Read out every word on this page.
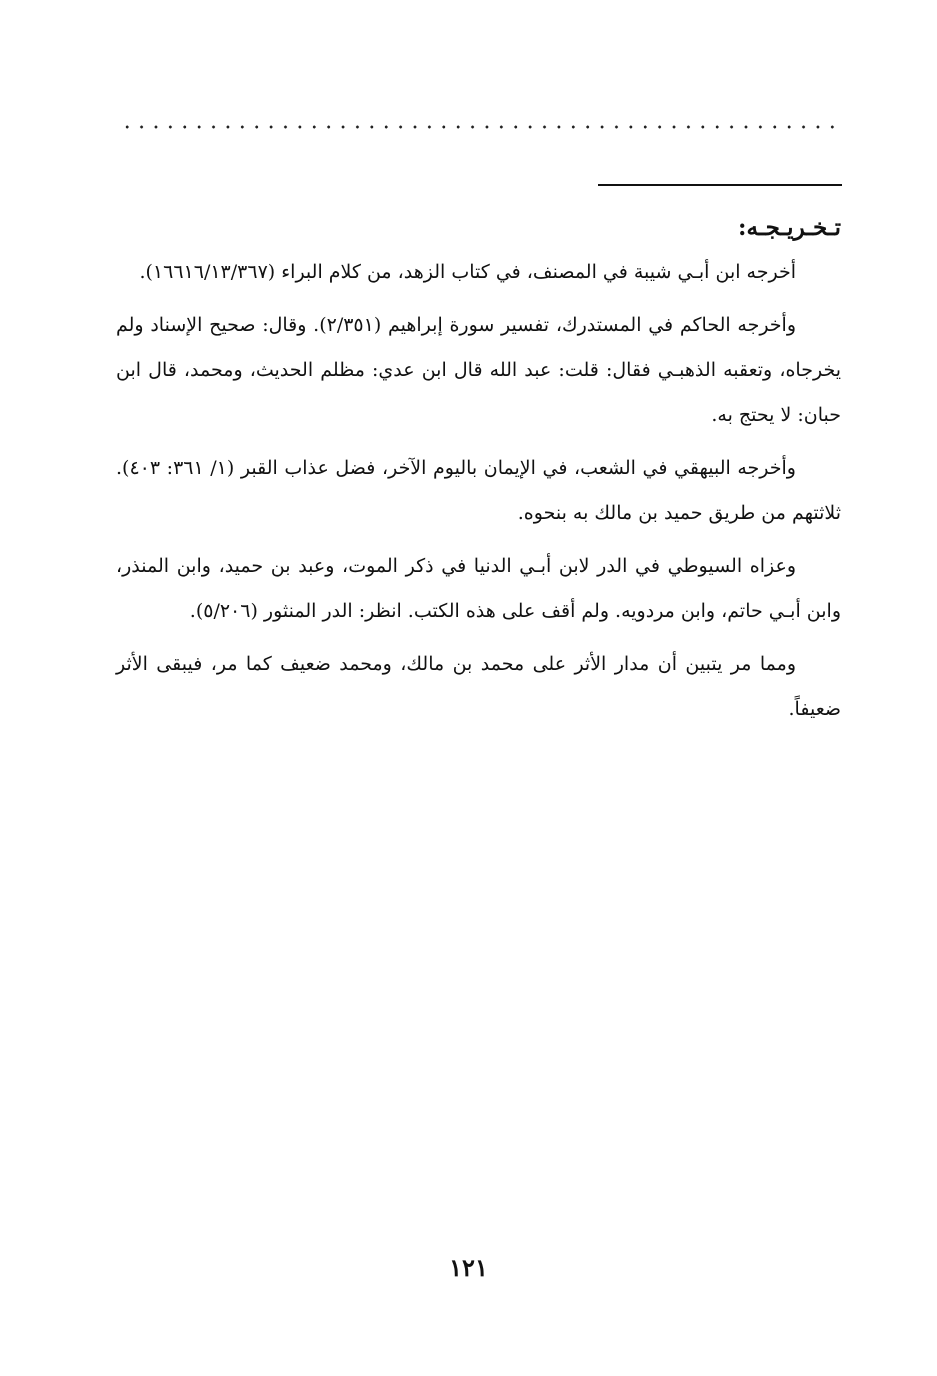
تـخـريـجـه:

أخرجه ابن أبـي شيبة في المصنف، في كتاب الزهد، من كلام البراء (١٦٦١٦/١٣/٣٦٧).

وأخرجه الحاكم في المستدرك، تفسير سورة إبراهيم (٢/٣٥١). وقال: صحيح الإسناد ولم يخرجاه، وتعقبه الذهبـي فقال: قلت: عبد الله قال ابن عدي: مظلم الحديث، ومحمد، قال ابن حبان: لا يحتج به.

وأخرجه البيهقي في الشعب، في الإيمان باليوم الآخر، فضل عذاب القبر (١/ ٣٦١: ٤٠٣). ثلاثتهم من طريق حميد بن مالك به بنحوه.

وعزاه السيوطي في الدر لابن أبـي الدنيا في ذكر الموت، وعبد بن حميد، وابن المنذر، وابن أبـي حاتم، وابن مردويه. ولم أقف على هذه الكتب. انظر: الدر المنثور (٥/٢٠٦).

ومما مر يتبين أن مدار الأثر على محمد بن مالك، ومحمد ضعيف كما مر، فيبقى الأثر ضعيفاً.

١٢١
